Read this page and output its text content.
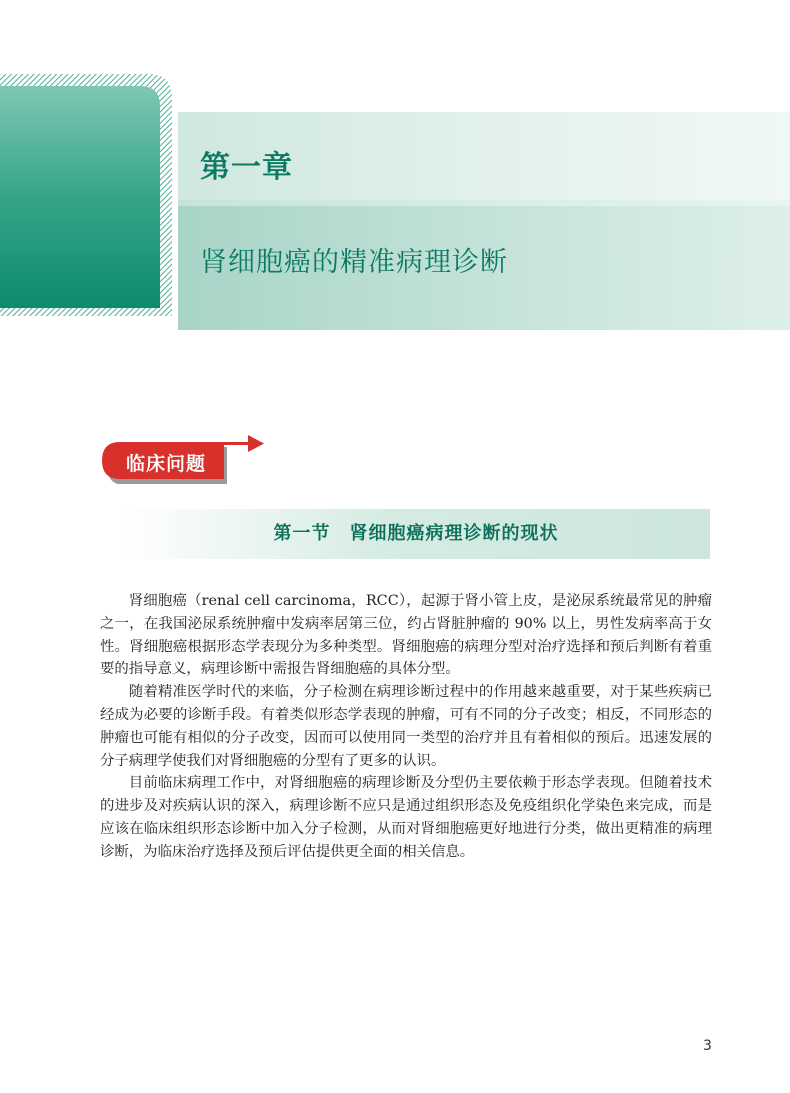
第一章
肾细胞癌的精准病理诊断
临床问题
第一节　肾细胞癌病理诊断的现状

肾细胞癌（renal cell carcinoma，RCC），起源于肾小管上皮，是泌尿系统最常见的肿瘤之一，在我国泌尿系统肿瘤中发病率居第三位，约占肾脏肿瘤的 90% 以上，男性发病率高于女性。肾细胞癌根据形态学表现分为多种类型。肾细胞癌的病理分型对治疗选择和预后判断有着重要的指导意义，病理诊断中需报告肾细胞癌的具体分型。

随着精准医学时代的来临，分子检测在病理诊断过程中的作用越来越重要，对于某些疾病已经成为必要的诊断手段。有着类似形态学表现的肿瘤，可有不同的分子改变；相反，不同形态的肿瘤也可能有相似的分子改变，因而可以使用同一类型的治疗并且有着相似的预后。迅速发展的分子病理学使我们对肾细胞癌的分型有了更多的认识。

目前临床病理工作中，对肾细胞癌的病理诊断及分型仍主要依赖于形态学表现。但随着技术的进步及对疾病认识的深入，病理诊断不应只是通过组织形态及免疫组织化学染色来完成，而是应该在临床组织形态诊断中加入分子检测，从而对肾细胞癌更好地进行分类，做出更精准的病理诊断，为临床治疗选择及预后评估提供更全面的相关信息。

3
